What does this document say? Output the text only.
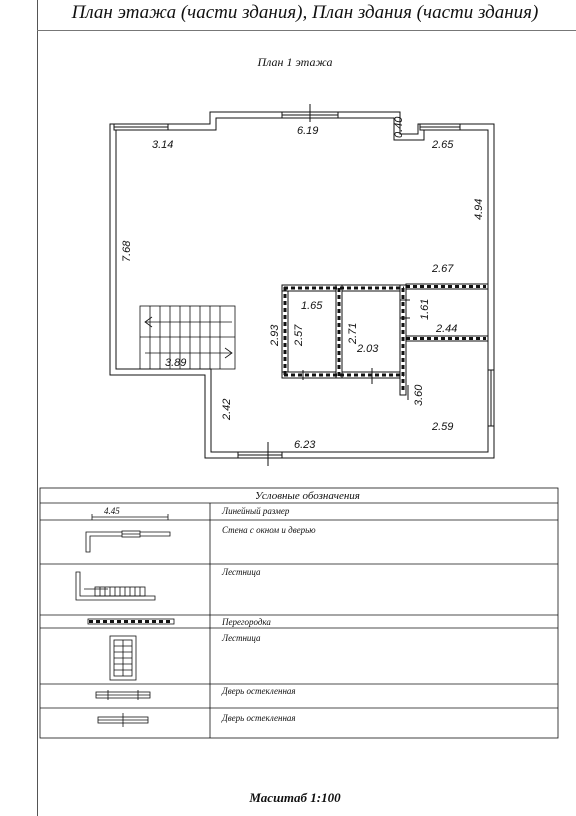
План этажа (части здания), План здания (части здания)
План 1 этажа
3.14
6.19	0.40
2.65
4.94
7.68
2.67
1.65
2.93 2.57	2.71
2.03
1.61
2.44
3.89
3.60
2.42
2.59
6.23
Условные обозначения
4.45	Линейный размер
Стена с окном и дверью
Лестница
Перегородка
Лестница
Дверь остекленная
Дверь остекленная
Масштаб 1:100
